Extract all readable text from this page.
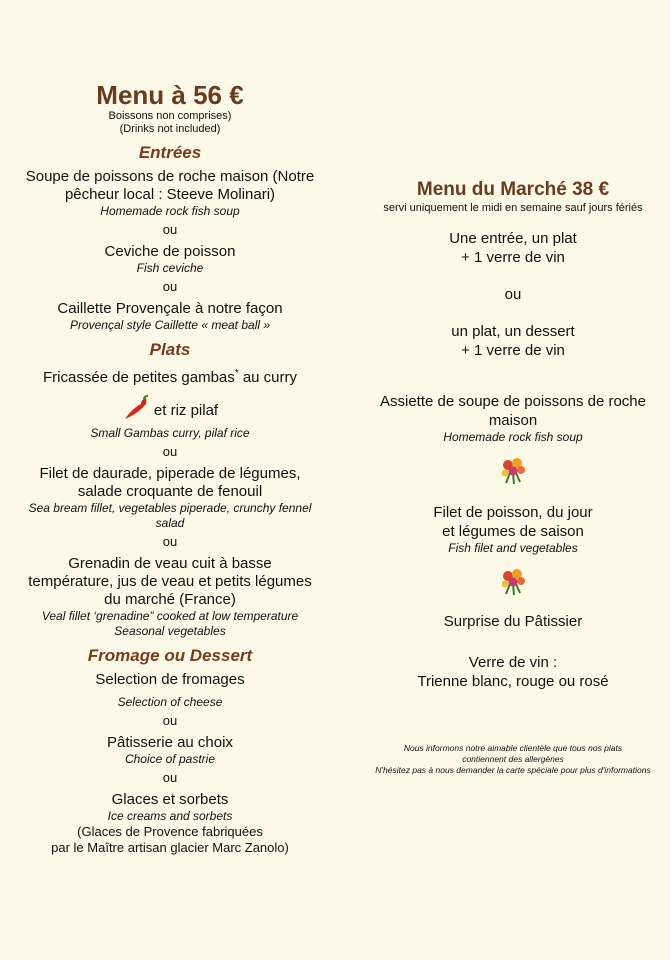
Menu à 56 €
Boissons non comprises)
(Drinks not included)
Entrées
Soupe de poissons de roche maison (Notre
pêcheur local : Steeve Molinari)
Homemade rock fish soup
ou
Ceviche de poisson
Fish ceviche
ou
Caillette Provençale à notre façon
Provençal style Caillette « meat ball »
Plats
Fricassée de petites gambas* au curry
et riz pilaf
Small Gambas curry, pilaf rice
ou
Filet de daurade, piperade de légumes,
salade croquante de fenouil
Sea bream fillet, vegetables piperade, crunchy fennel
salad
ou
Grenadin de veau cuit à basse
température, jus de veau et petits légumes
du marché (France)
Veal fillet ‘grenadine” cooked at low temperature
Seasonal vegetables
Fromage ou Dessert
Selection de fromages
Selection of cheese
ou
Pâtisserie au choix
Choice of pastrie
ou
Glaces et sorbets
Ice creams and sorbets
(Glaces de Provence fabriquées
par le Maître artisan glacier Marc Zanolo)
Menu du Marché 38 €
servi uniquement le midi en semaine sauf jours fériés
Une entrée, un plat
+ 1 verre de vin
ou
un plat, un dessert
+ 1 verre de vin
Assiette de soupe de poissons de roche
maison
Homemade rock fish soup
Filet de poisson, du jour
et légumes de saison
Fish filet and vegetables
Surprise du Pâtissier
Verre de vin :
Trienne blanc, rouge ou rosé
Nous informons notre aimable clientèle que tous nos plats
contiennent des allergènes
N'hésitez pas à nous demander la carte spéciale pour plus d'informations
